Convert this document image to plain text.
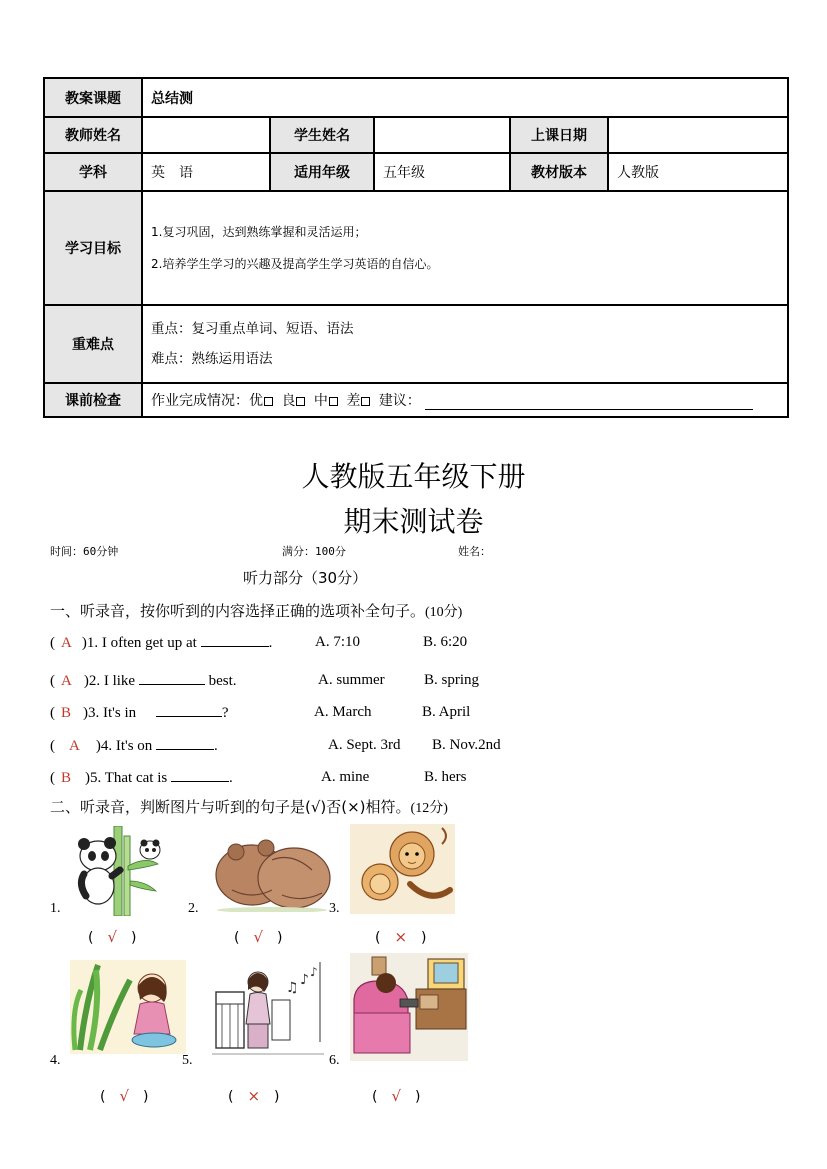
教案课题	总结测				
教师姓名		学生姓名		上课日期	
学科	英　语	适用年级	五年级	教材版本	人教版
学习目标	1.复习巩固，达到熟练掌握和灵活运用；
2.培养学生学习的兴趣及提高学生学习英语的自信心。				

重难点	重点：复习重点单词、短语、语法
难点：熟练运用语法				

课前检查	作业完成情况：优 良 中 差 建议：				
人教版五年级下册
期末测试卷
时间：60分钟	满分：100分	姓名：
听力部分（30分）
一、听录音，按你听到的内容选择正确的选项补全句子。(10分)
( A )1. I often get up at	.	A. 7:10	B. 6:20
( A )2. I like	best.	A. summer	B. spring
( B )3. It's in	?	A. March	B. April
( A )4. It's on	.	A. Sept. 3rd B. Nov.2nd
( B )5. That cat is	.	A. mine	B. hers
二、听录音，判断图片与听到的句子是(√)否(×)相符。(12分)
1.
(　√　)
2.
(　√　)
3.
(　×　)
4.
(　√　)
♫ ♪ ♪
5.
(　×　)
6.
(　√　)
